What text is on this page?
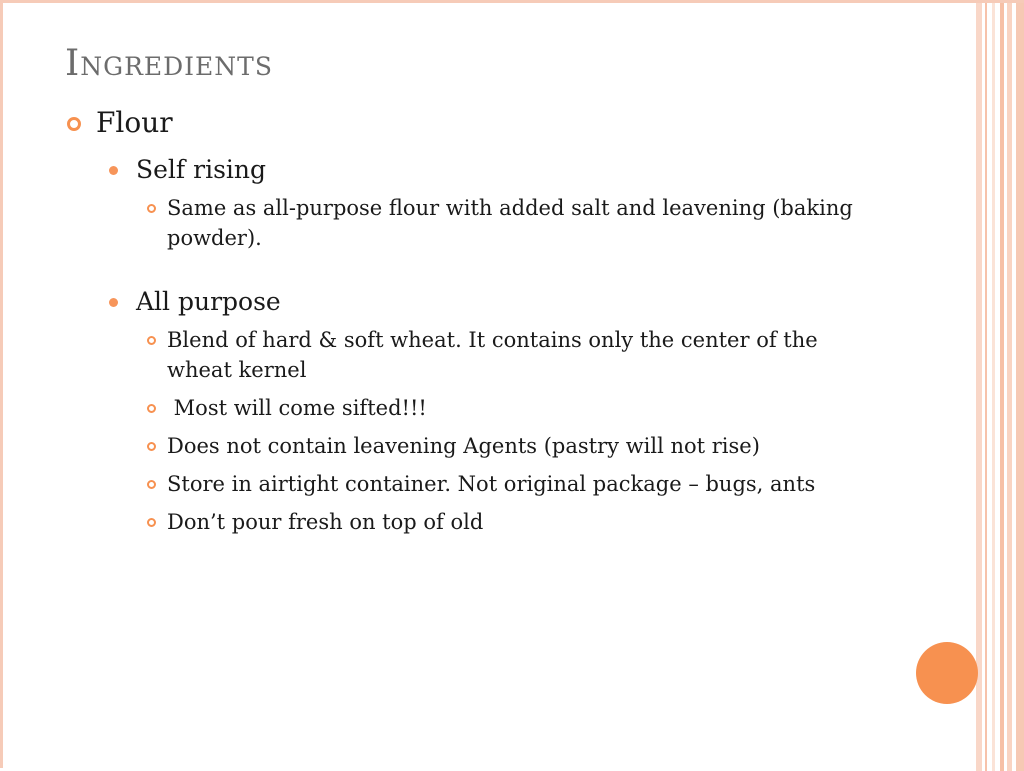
Ingredients
Flour
Self rising
Same as all-purpose flour with added salt and leavening (baking powder).
All purpose
Blend of hard & soft wheat. It contains only the center of the wheat kernel
Most will come sifted!!!
Does not contain leavening Agents (pastry will not rise)
Store in airtight container. Not original package – bugs, ants
Don’t pour fresh on top of old
